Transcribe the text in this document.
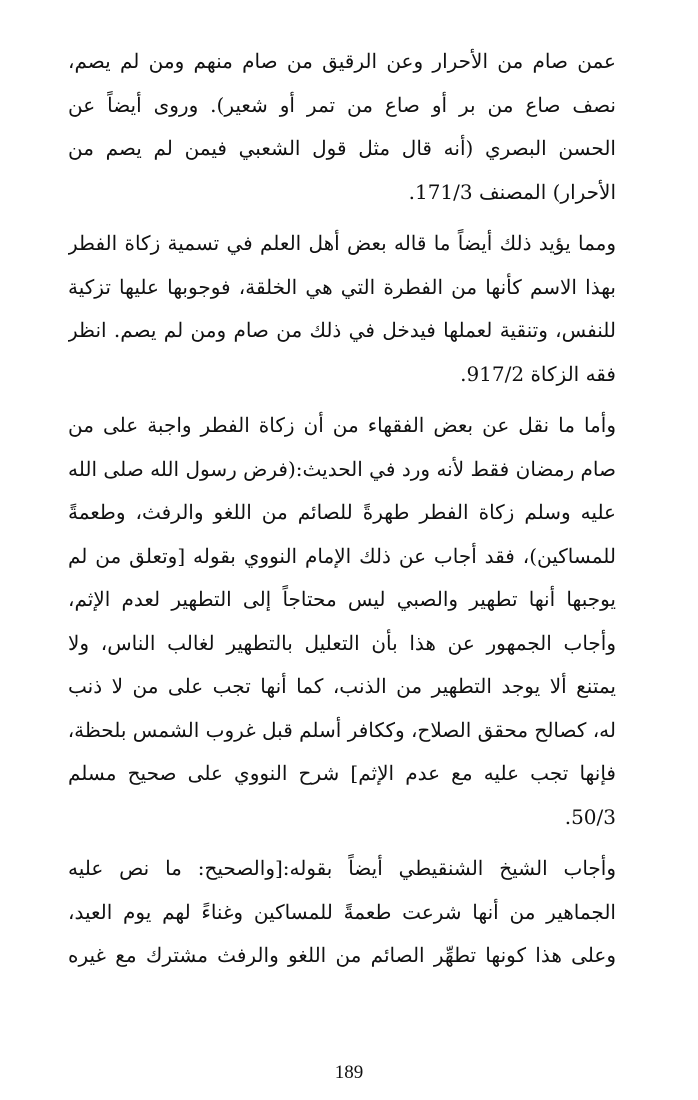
عمن صام من الأحرار وعن الرقيق من صام منهم ومن لم يصم،
نصف صاع من بر أو صاع من تمر أو شعير). وروى أيضاً عن
الحسن البصري (أنه قال مثل قول الشعبي فيمن لم يصم من
الأحرار) المصنف 171/3.
ومما يؤيد ذلك أيضاً ما قاله بعض أهل العلم في تسمية زكاة الفطر
بهذا الاسم كأنها من الفطرة التي هي الخلقة، فوجوبها عليها تزكية
للنفس، وتنقية لعملها فيدخل في ذلك من صام ومن لم يصم. انظر
فقه الزكاة 917/2.
وأما ما نقل عن بعض الفقهاء من أن زكاة الفطر واجبة على من
صام رمضان فقط لأنه ورد في الحديث:(فرض رسول الله صلى الله
عليه وسلم زكاة الفطر طهرةً للصائم من اللغو والرفث، وطعمةً
للمساكين)، فقد أجاب عن ذلك الإمام النووي بقوله [وتعلق من لم
يوجبها أنها تطهير والصبي ليس محتاجاً إلى التطهير لعدم الإثم،
وأجاب الجمهور عن هذا بأن التعليل بالتطهير لغالب الناس، ولا
يمتنع ألا يوجد التطهير من الذنب، كما أنها تجب على من لا ذنب
له، كصالح محقق الصلاح، وككافر أسلم قبل غروب الشمس بلحظة،
فإنها تجب عليه مع عدم الإثم] شرح النووي على صحيح مسلم
50/3.
وأجاب الشيخ الشنقيطي أيضاً بقوله:[والصحيح: ما نص عليه
الجماهير من أنها شرعت طعمةً للمساكين وغناءً لهم يوم العيد،
وعلى هذا كونها تطهِّر الصائم من اللغو والرفث مشترك مع غيره
189
